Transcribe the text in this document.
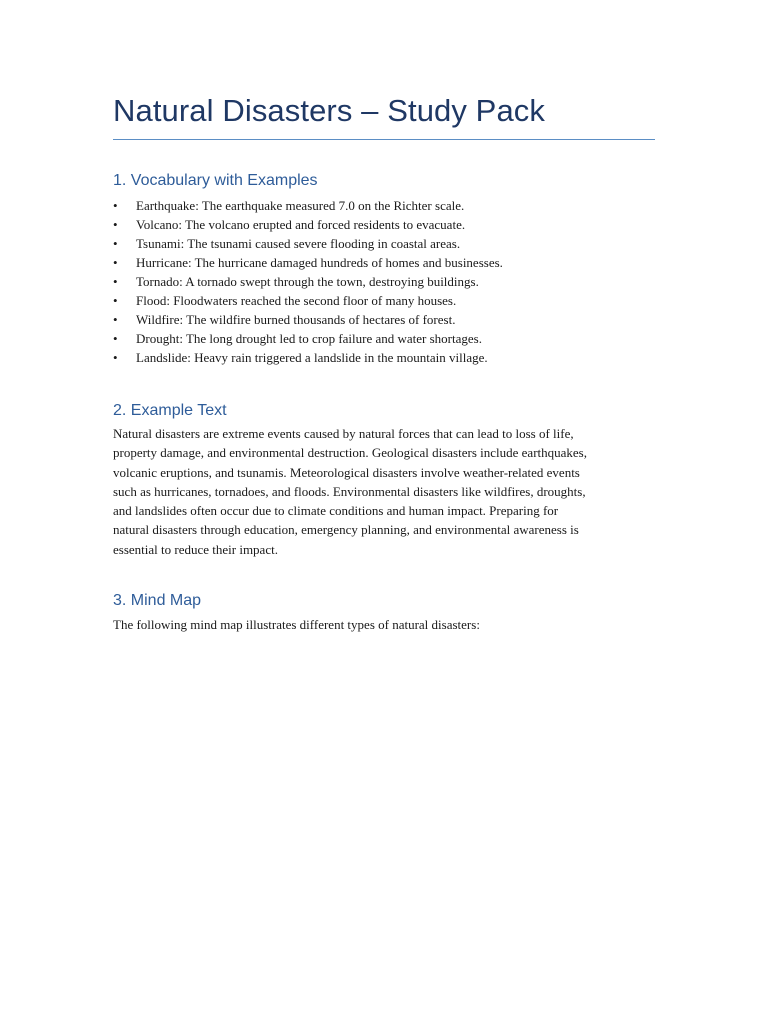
Natural Disasters – Study Pack
1. Vocabulary with Examples
• Earthquake: The earthquake measured 7.0 on the Richter scale.
• Volcano: The volcano erupted and forced residents to evacuate.
• Tsunami: The tsunami caused severe flooding in coastal areas.
• Hurricane: The hurricane damaged hundreds of homes and businesses.
• Tornado: A tornado swept through the town, destroying buildings.
• Flood: Floodwaters reached the second floor of many houses.
• Wildfire: The wildfire burned thousands of hectares of forest.
• Drought: The long drought led to crop failure and water shortages.
• Landslide: Heavy rain triggered a landslide in the mountain village.
2. Example Text

Natural disasters are extreme events caused by natural forces that can lead to loss of life,
property damage, and environmental destruction. Geological disasters include earthquakes,
volcanic eruptions, and tsunamis. Meteorological disasters involve weather-related events
such as hurricanes, tornadoes, and floods. Environmental disasters like wildfires, droughts,
and landslides often occur due to climate conditions and human impact. Preparing for
natural disasters through education, emergency planning, and environmental awareness is
essential to reduce their impact.

3. Mind Map

The following mind map illustrates different types of natural disasters:
